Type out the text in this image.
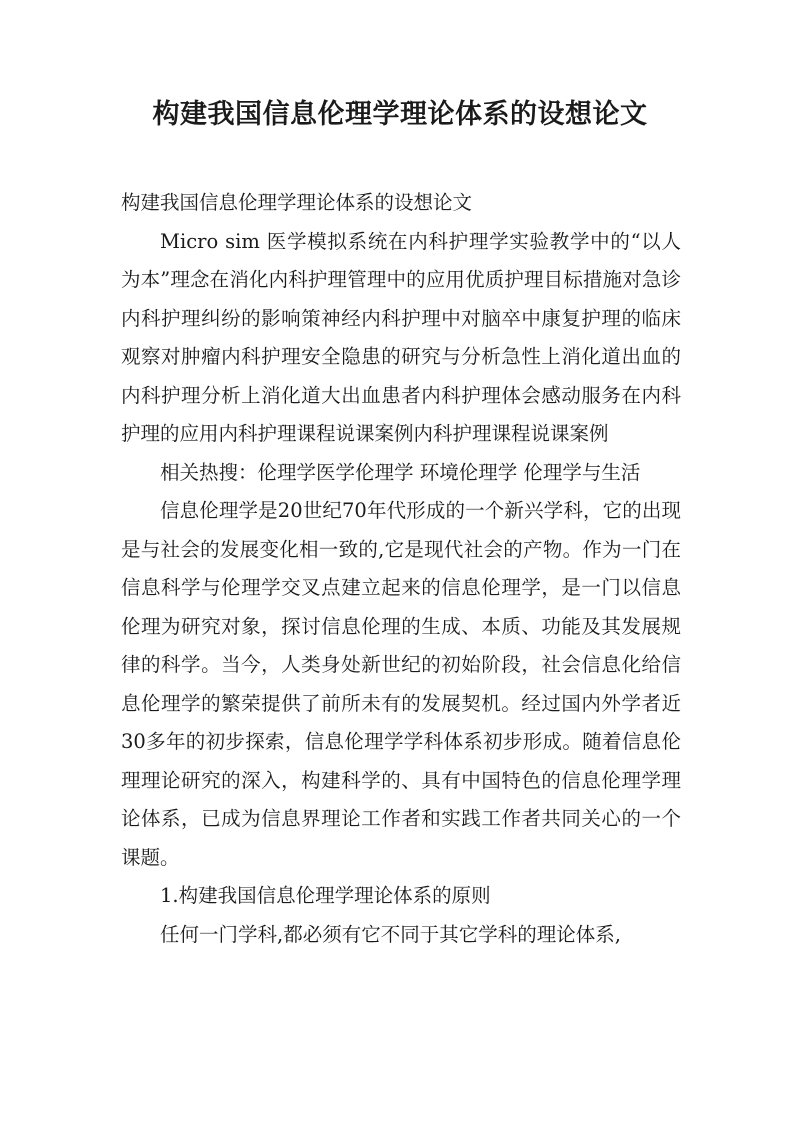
构建我国信息伦理学理论体系的设想论文

构建我国信息伦理学理论体系的设想论文

Micro sim 医学模拟系统在内科护理学实验教学中的“以人为本”理念在消化内科护理管理中的应用优质护理目标措施对急诊内科护理纠纷的影响策神经内科护理中对脑卒中康复护理的临床观察对肿瘤内科护理安全隐患的研究与分析急性上消化道出血的内科护理分析上消化道大出血患者内科护理体会感动服务在内科护理的应用内科护理课程说课案例内科护理课程说课案例

相关热搜：伦理学医学伦理学 环境伦理学 伦理学与生活

信息伦理学是20世纪70年代形成的一个新兴学科，它的出现是与社会的发展变化相一致的,它是现代社会的产物。作为一门在信息科学与伦理学交叉点建立起来的信息伦理学，是一门以信息伦理为研究对象，探讨信息伦理的生成、本质、功能及其发展规律的科学。当今，人类身处新世纪的初始阶段，社会信息化给信息伦理学的繁荣提供了前所未有的发展契机。经过国内外学者近30多年的初步探索，信息伦理学学科体系初步形成。随着信息伦理理论研究的深入，构建科学的、具有中国特色的信息伦理学理论体系，已成为信息界理论工作者和实践工作者共同关心的一个课题。

1.构建我国信息伦理学理论体系的原则

任何一门学科,都必须有它不同于其它学科的理论体系,
